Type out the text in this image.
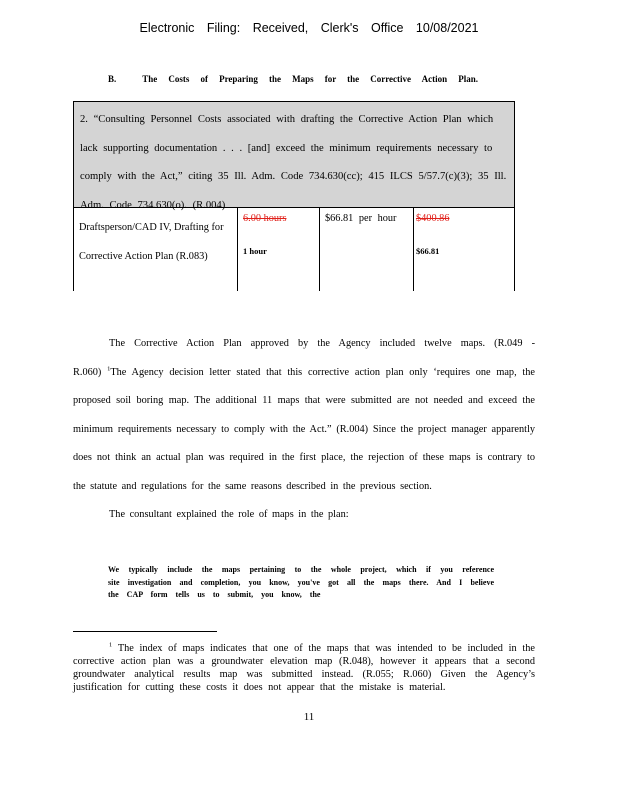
Electronic Filing: Received, Clerk's Office 10/08/2021
B.	The Costs of Preparing the Maps for the Corrective Action Plan.
2. “Consulting Personnel Costs associated with drafting the Corrective Action Plan which lack supporting documentation . . . [and] exceed the minimum requirements necessary to comply with the Act,” citing 35 Ill. Adm. Code 734.630(cc); 415 ILCS 5/57.7(c)(3); 35 Ill. Adm. Code 734.630(o). (R.004)
Draftsperson/CAD IV, Drafting for Corrective Action Plan (R.083)
6.00 hours
1 hour
$66.81 per hour	$400.86
$66.81

The Corrective Action Plan approved by the Agency included twelve maps. (R.049 - R.060) $^1$The Agency decision letter stated that this corrective action plan only ‘requires one map, the proposed soil boring map. The additional 11 maps that were submitted are not needed and exceed the minimum requirements necessary to comply with the Act.” (R.004) Since the project manager apparently does not think an actual plan was required in the first place, the rejection of these maps is contrary to the statute and regulations for the same reasons described in the previous section.

The consultant explained the role of maps in the plan:

We typically include the maps pertaining to the whole project, which if you reference site investigation and completion, you know, you've got all the maps there. And I believe the CAP form tells us to submit, you know, the

$^1$ The index of maps indicates that one of the maps that was intended to be included in the corrective action plan was a groundwater elevation map (R.048), however it appears that a second groundwater analytical results map was submitted instead. (R.055; R.060) Given the Agency’s justification for cutting these costs it does not appear that the mistake is material.

11
